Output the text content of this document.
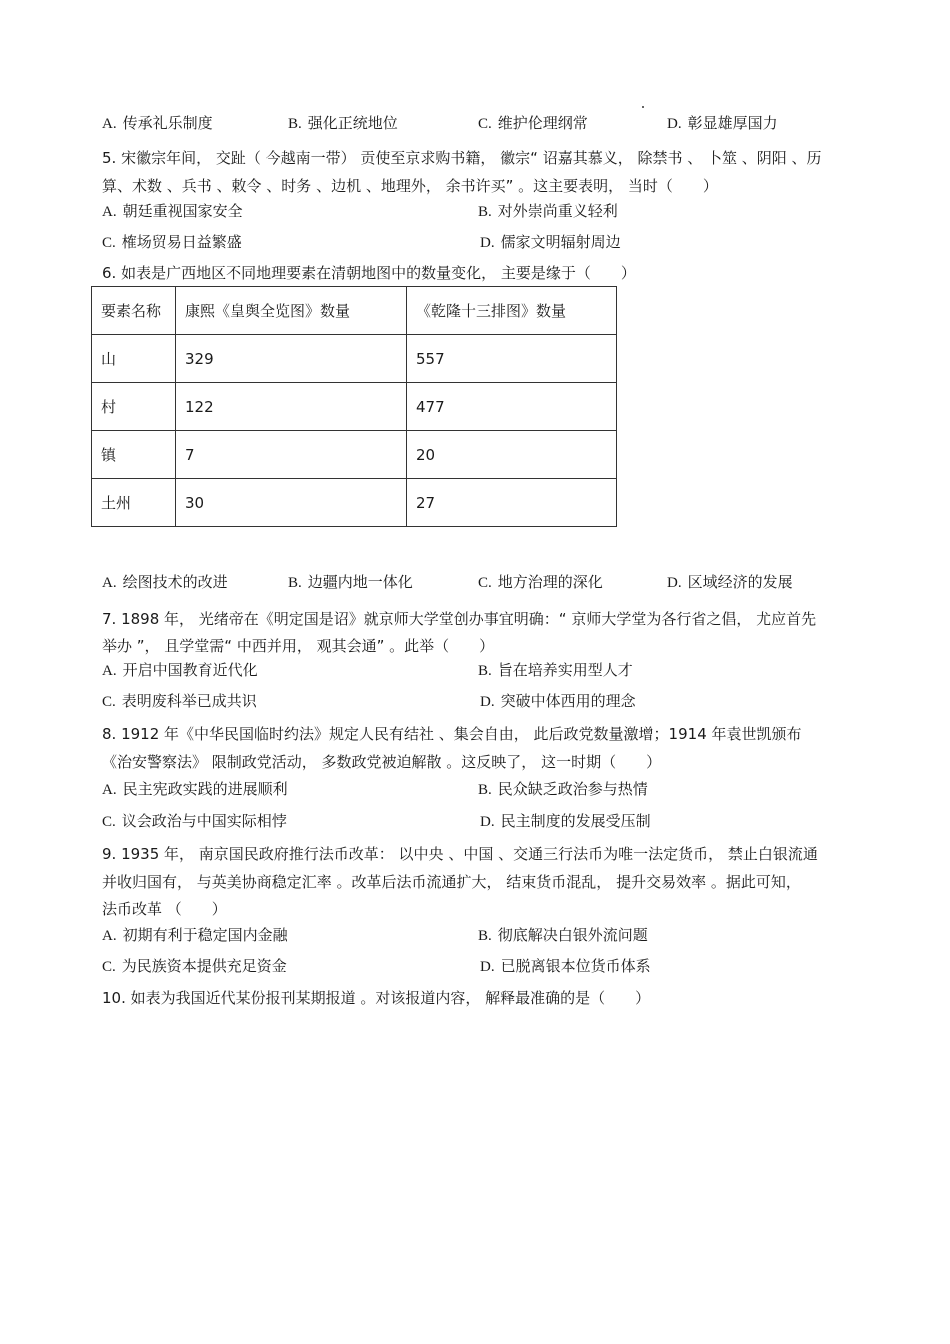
A. 传承礼乐制度	B. 强化正统地位	C. 维护伦理纲常	D. 彰显雄厚国力
5. 宋徽宗年间， 交趾（ 今越南一带） 贡使至京求购书籍， 徽宗“ 诏嘉其慕义， 除禁书 、 卜筮 、阴阳 、历
算、术数 、兵书 、敕令 、时务 、边机 、地理外， 余书许买” 。这主要表明， 当时（　　）
A. 朝廷重视国家安全	B. 对外崇尚重义轻利
C. 榷场贸易日益繁盛	D. 儒家文明辐射周边
6. 如表是广西地区不同地理要素在清朝地图中的数量变化， 主要是缘于（　　）
要素名称	康熙《皇舆全览图》数量	《乾隆十三排图》数量
山	329	557
村	122	477
镇	7	20
土州	30	27
A. 绘图技术的改进	B. 边疆内地一体化	C. 地方治理的深化	D. 区域经济的发展
7. 1898 年， 光绪帝在《明定国是诏》就京师大学堂创办事宜明确：“ 京师大学堂为各行省之倡， 尤应首先
举办 ”， 且学堂需“ 中西并用， 观其会通” 。此举（　　）
A. 开启中国教育近代化	B. 旨在培养实用型人才
C. 表明废科举已成共识	D. 突破中体西用的理念
8. 1912 年《中华民国临时约法》规定人民有结社 、集会自由， 此后政党数量激增；1914 年袁世凯颁布
《治安警察法》 限制政党活动， 多数政党被迫解散 。这反映了， 这一时期（　　）
A. 民主宪政实践的进展顺利	B. 民众缺乏政治参与热情
C. 议会政治与中国实际相悖	D. 民主制度的发展受压制
9. 1935 年， 南京国民政府推行法币改革： 以中央 、中国 、交通三行法币为唯一法定货币， 禁止白银流通
并收归国有， 与英美协商稳定汇率 。改革后法币流通扩大， 结束货币混乱， 提升交易效率 。据此可知，
法币改革 （　　）
A. 初期有利于稳定国内金融	B. 彻底解决白银外流问题
C. 为民族资本提供充足资金	D. 已脱离银本位货币体系
10. 如表为我国近代某份报刊某期报道 。对该报道内容， 解释最准确的是（　　）
